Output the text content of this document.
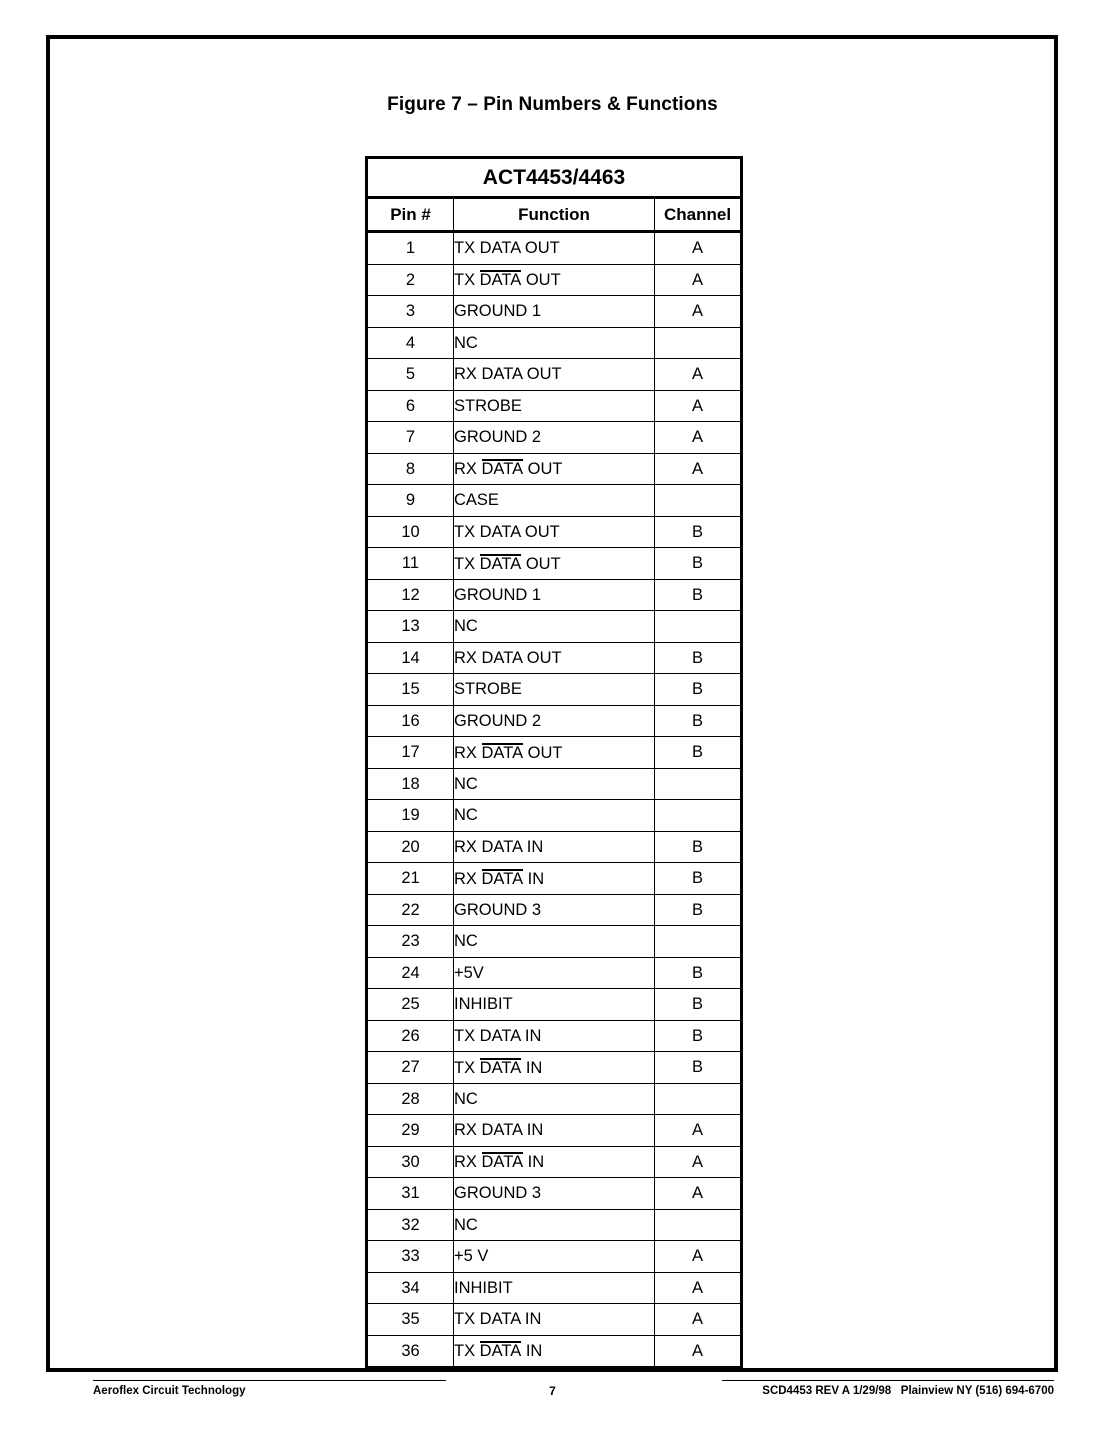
Figure 7 – Pin Numbers & Functions
ACT4453/4463		
Pin #	Function	Channel
1	TX DATA OUT	A
2	TX DATA OUT	A
3	GROUND 1	A
4	NC	
5	RX DATA OUT	A
6	STROBE	A
7	GROUND 2	A
8	RX DATA OUT	A
9	CASE	
10	TX DATA OUT	B
11	TX DATA OUT	B
12	GROUND 1	B
13	NC	
14	RX DATA OUT	B
15	STROBE	B
16	GROUND 2	B
17	RX DATA OUT	B
18	NC	
19	NC	
20	RX DATA IN	B
21	RX DATA IN	B
22	GROUND 3	B
23	NC	
24	+5V	B
25	INHIBIT	B
26	TX DATA IN	B
27	TX DATA IN	B
28	NC	
29	RX DATA IN	A
30	RX DATA IN	A
31	GROUND 3	A
32	NC	
33	+5 V	A
34	INHIBIT	A
35	TX DATA IN	A
36	TX DATA IN	A
Aeroflex Circuit Technology	7	SCD4453 REV A 1/29/98   Plainview NY (516) 694-6700
